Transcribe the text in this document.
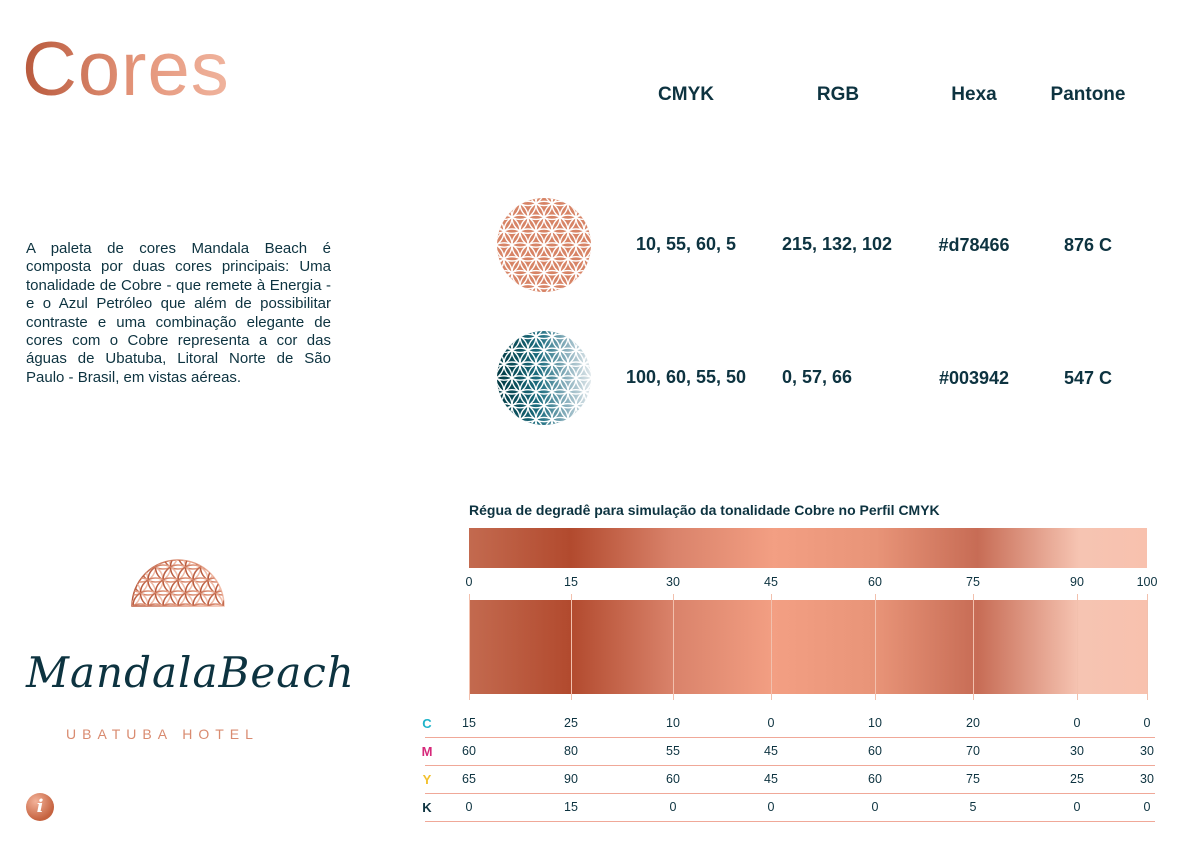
Cores	CMYK	RGB	Hexa	Pantone
A paleta de cores Mandala Beach é composta por duas cores principais: Uma tonalidade de Cobre - que remete à Energia - e o Azul Petróleo que além de possibilitar contraste e uma combinação elegante de cores com o Cobre representa a cor das águas de Ubatuba, Litoral Norte de São Paulo - Brasil, em vistas aéreas.
10, 55, 60, 5	215, 132, 102	#d78466	876 C
100, 60, 55, 50	0, 57, 66	#003942	547 C
Régua de degradê para simulação da tonalidade Cobre no Perfil CMYK
0	15	30	45	60	75	90	100
C	15	25	10	0	10	20	0	0
M	60	80	55	45	60	70	30	30
Y	65	90	60	45	60	75	25	30
K	0	15	0	0	0	5	0	0
MandalaBeach
UBATUBA HOTEL
i
